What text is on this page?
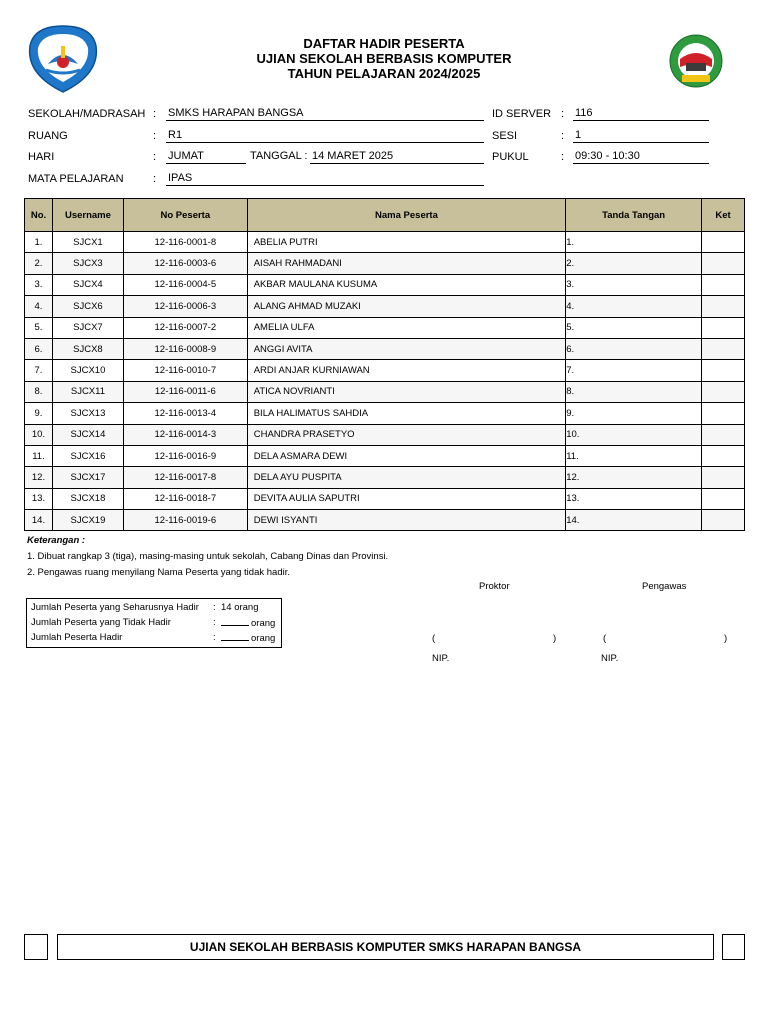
DAFTAR HADIR PESERTA
UJIAN SEKOLAH BERBASIS KOMPUTER
TAHUN PELAJARAN 2024/2025
SEKOLAH/MADRASAH : SMKS HARAPAN BANGSA	ID SERVER : 116
RUANG	: R1	SESI	: 1
HARI	: JUMAT	TANGGAL : 14 MARET 2025	PUKUL	: 09:30 - 10:30
MATA PELAJARAN	: IPAS
No.	Username	No Peserta	Nama Peserta	Tanda Tangan	Ket
1.	SJCX1	12-116-0001-8	ABELIA PUTRI	1.	
2.	SJCX3	12-116-0003-6	AISAH RAHMADANI	2.	
3.	SJCX4	12-116-0004-5	AKBAR MAULANA KUSUMA	3.	
4.	SJCX6	12-116-0006-3	ALANG AHMAD MUZAKI	4.	
5.	SJCX7	12-116-0007-2	AMELIA ULFA	5.	
6.	SJCX8	12-116-0008-9	ANGGI AVITA	6.	
7.	SJCX10	12-116-0010-7	ARDI ANJAR KURNIAWAN	7.	
8.	SJCX11	12-116-0011-6	ATICA NOVRIANTI	8.	
9.	SJCX13	12-116-0013-4	BILA HALIMATUS SAHDIA	9.	
10.	SJCX14	12-116-0014-3	CHANDRA PRASETYO	10.	
11.	SJCX16	12-116-0016-9	DELA ASMARA DEWI	11.	
12.	SJCX17	12-116-0017-8	DELA AYU PUSPITA	12.	
13.	SJCX18	12-116-0018-7	DEVITA AULIA SAPUTRI	13.	
14.	SJCX19	12-116-0019-6	DEWI ISYANTI	14.	
Keterangan :
1. Dibuat rangkap 3 (tiga), masing-masing untuk sekolah, Cabang Dinas dan Provinsi.
2. Pengawas ruang menyilang Nama Peserta yang tidak hadir.
Jumlah Peserta yang Seharusnya Hadir : 14 orang
Jumlah Peserta yang Tidak Hadir	:	orang
Jumlah Peserta Hadir	:	orang
Proktor	Pengawas
(	)	(	)
NIP.	NIP.
UJIAN SEKOLAH BERBASIS KOMPUTER SMKS HARAPAN BANGSA
